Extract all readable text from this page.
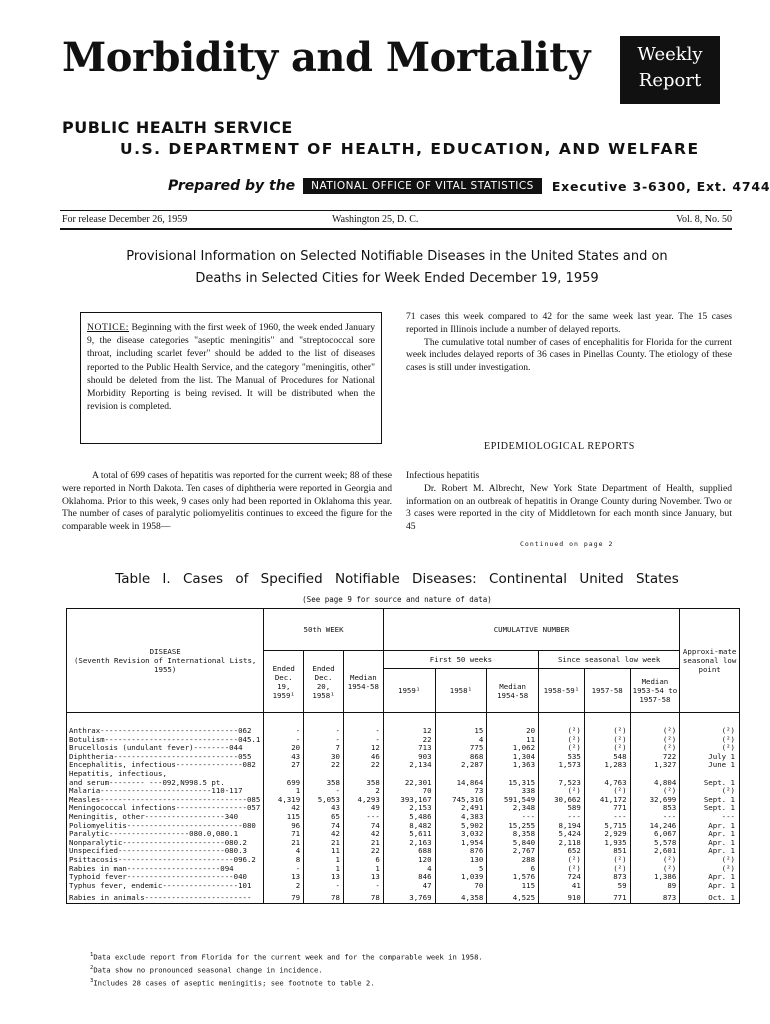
Morbidity and Mortality	Weekly
Report
PUBLIC HEALTH SERVICE
U.S. DEPARTMENT OF HEALTH, EDUCATION, AND WELFARE
Prepared by the	NATIONAL OFFICE OF VITAL STATISTICS	Executive 3-6300, Ext. 4744
For release December 26, 1959	Washington 25, D. C.	Vol. 8, No. 50
Provisional Information on Selected Notifiable Diseases in the United States and on
Deaths in Selected Cities for Week Ended December 19, 1959
NOTICE: Beginning with the first week of 1960, the week ended January 9, the disease categories "aseptic meningitis" and "streptococcal sore throat, including scarlet fever" should be added to the list of diseases reported to the Public Health Service, and the category "meningitis, other" should be deleted from the list. The Manual of Procedures for National Morbidity Reporting is being revised. It will be distributed when the revision is completed.

71 cases this week compared to 42 for the same week last year. The 15 cases reported in Illinois include a number of delayed reports.

The cumulative total number of cases of encephalitis for Florida for the current week includes delayed reports of 36 cases in Pinellas County. The etiology of these cases is still under investigation.

EPIDEMIOLOGICAL REPORTS
A total of 699 cases of hepatitis was reported for the current week; 88 of these were reported in North Dakota. Ten cases of diphtheria were reported in Georgia and Oklahoma. Prior to this week, 9 cases only had been reported in Oklahoma this year. The number of cases of paralytic poliomyelitis continues to exceed the figure for the comparable week in 1958—
Infectious hepatitis
Dr. Robert M. Albrecht, New York State Department of Health, supplied information on an outbreak of hepatitis in Orange County during November. Two or 3 cases were reported in the city of Middletown for each month since January, but 45
Continued on page 2
Table I. Cases of Specified Notifiable Diseases: Continental United States
(See page 9 for source and nature of data)
DISEASE
(Seventh Revision of International Lists, 1955)	50th WEEK			CUMULATIVE NUMBER						Approxi-mate seasonal low point
	Ended Dec. 19, 1959¹	Ended Dec. 20, 1958¹	Median 1954-58	First 50 weeks			Since seasonal low week			
				1959¹	1958¹	Median 1954-58	1958-59¹	1957-58	Median 1953-54 to 1957-58	
Anthrax-------------------------------062	-	-	-	12	15	20	(²)	(²)	(²)	(²)
Botulism------------------------------045.1	-	-	-	22	4	11	(²)	(²)	(²)	(²)
Brucellosis (undulant fever)--------044	20	7	12	713	775	1,062	(²)	(²)	(²)	(²)
Diphtheria----------------------------055	43	30	46	903	868	1,304	535	548	722	July 1
Encephalitis, infectious---------------082	27	22	22	2,134	2,287	1,363	1,573	1,283	1,327	June 1
Hepatitis, infectious,										
and serum-------- ---092,N998.5 pt.	699	358	358	22,301	14,864	15,315	7,523	4,763	4,804	Sept. 1
Malaria-------------------------110-117	1	-	2	70	73	338	(²)	(²)	(²)	(²)
Measles---------------------------------085	4,319	5,053	4,293	393,167	745,316	591,549	30,662	41,172	32,699	Sept. 1
Meningococcal infections----------------057	42	43	49	2,153	2,491	2,348	589	771	853	Sept. 1
Meningitis, other------------------340	115	65	---	5,486	4,383	---	---	---	---	---
Poliomyelitis--------------------------080	96	74	74	8,482	5,902	15,255	8,194	5,715	14,246	Apr. 1
Paralytic------------------080.0,080.1	71	42	42	5,611	3,032	8,358	5,424	2,929	6,067	Apr. 1
Nonparalytic-----------------------080.2	21	21	21	2,163	1,954	5,840	2,118	1,935	5,578	Apr. 1
Unspecified------------------------080.3	4	11	22	688	876	2,767	652	851	2,601	Apr. 1
Psittacosis--------------------------096.2	8	1	6	120	130	288	(²)	(²)	(²)	(²)
Rabies in man---------------------094	-	1	1	4	5	6	(²)	(²)	(²)	(²)
Typhoid fever------------------------040	13	13	13	846	1,039	1,576	724	873	1,386	Apr. 1
Typhus fever, endemic-----------------101	2	-	-	47	70	115	41	59	89	Apr. 1
Rabies in animals------------------------	79	78	78	3,769	4,358	4,525	910	771	873	Oct. 1
$^1$Data exclude report from Florida for the current week and for the comparable week in 1958.
$^2$Data show no pronounced seasonal change in incidence.
$^3$Includes 28 cases of aseptic meningitis; see footnote to table 2.
